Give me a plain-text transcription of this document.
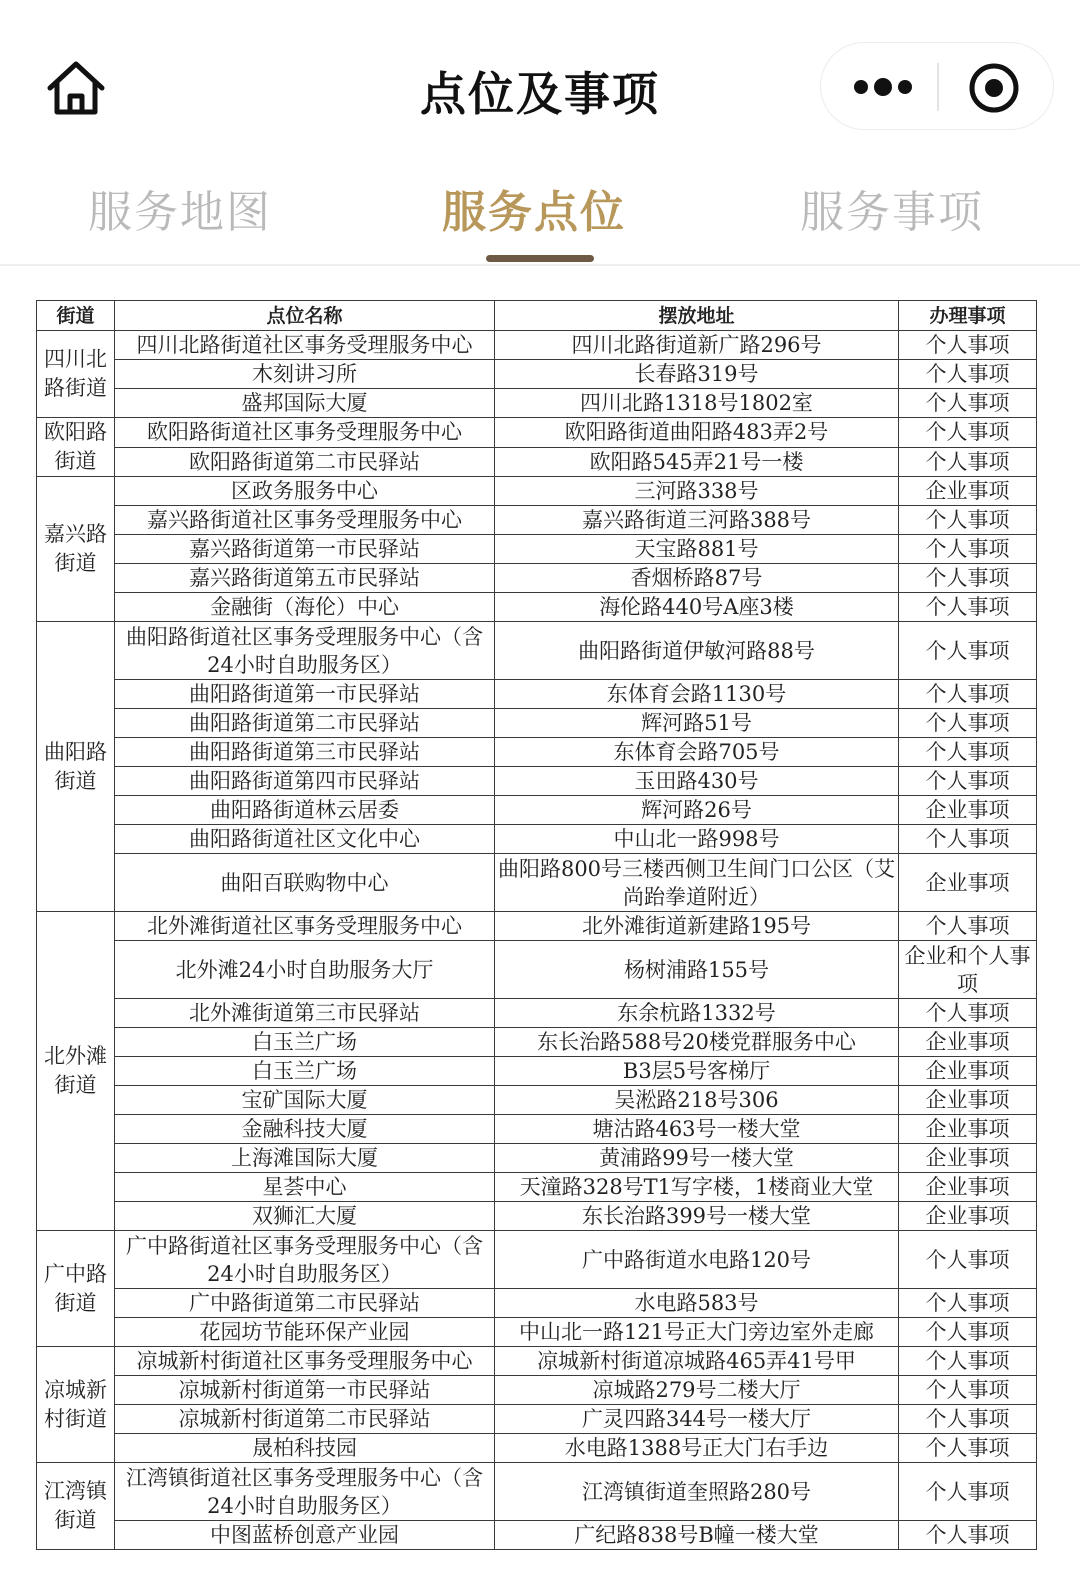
点位及事项
服务地图	服务点位	服务事项
街道	点位名称	摆放地址	办理事项
四川北路街道	四川北路街道社区事务受理服务中心	四川北路街道新广路296号	个人事项
	木刻讲习所	长春路319号	个人事项
	盛邦国际大厦	四川北路1318号1802室	个人事项
欧阳路街道	欧阳路街道社区事务受理服务中心	欧阳路街道曲阳路483弄2号	个人事项
	欧阳路街道第二市民驿站	欧阳路545弄21号一楼	个人事项
嘉兴路街道	区政务服务中心	三河路338号	企业事项
	嘉兴路街道社区事务受理服务中心	嘉兴路街道三河路388号	个人事项
	嘉兴路街道第一市民驿站	天宝路881号	个人事项
	嘉兴路街道第五市民驿站	香烟桥路87号	个人事项
	金融街（海伦）中心	海伦路440号A座3楼	个人事项
曲阳路街道	曲阳路街道社区事务受理服务中心（含24小时自助服务区）	曲阳路街道伊敏河路88号	个人事项
	曲阳路街道第一市民驿站	东体育会路1130号	个人事项
	曲阳路街道第二市民驿站	辉河路51号	个人事项
	曲阳路街道第三市民驿站	东体育会路705号	个人事项
	曲阳路街道第四市民驿站	玉田路430号	个人事项
	曲阳路街道林云居委	辉河路26号	企业事项
	曲阳路街道社区文化中心	中山北一路998号	个人事项
	曲阳百联购物中心	曲阳路800号三楼西侧卫生间门口公区（艾尚跆拳道附近）	企业事项
北外滩街道	北外滩街道社区事务受理服务中心	北外滩街道新建路195号	个人事项
	北外滩24小时自助服务大厅	杨树浦路155号	企业和个人事项
	北外滩街道第三市民驿站	东余杭路1332号	个人事项
	白玉兰广场	东长治路588号20楼党群服务中心	企业事项
	白玉兰广场	B3层5号客梯厅	企业事项
	宝矿国际大厦	吴淞路218号306	企业事项
	金融科技大厦	塘沽路463号一楼大堂	企业事项
	上海滩国际大厦	黄浦路99号一楼大堂	企业事项
	星荟中心	天潼路328号T1写字楼，1楼商业大堂	企业事项
	双狮汇大厦	东长治路399号一楼大堂	企业事项
广中路街道	广中路街道社区事务受理服务中心（含24小时自助服务区）	广中路街道水电路120号	个人事项
	广中路街道第二市民驿站	水电路583号	个人事项
	花园坊节能环保产业园	中山北一路121号正大门旁边室外走廊	个人事项
凉城新村街道	凉城新村街道社区事务受理服务中心	凉城新村街道凉城路465弄41号甲	个人事项
	凉城新村街道第一市民驿站	凉城路279号二楼大厅	个人事项
	凉城新村街道第二市民驿站	广灵四路344号一楼大厅	个人事项
	晟柏科技园	水电路1388号正大门右手边	个人事项
江湾镇街道	江湾镇街道社区事务受理服务中心（含24小时自助服务区）	江湾镇街道奎照路280号	个人事项
	中图蓝桥创意产业园	广纪路838号B幢一楼大堂	个人事项
